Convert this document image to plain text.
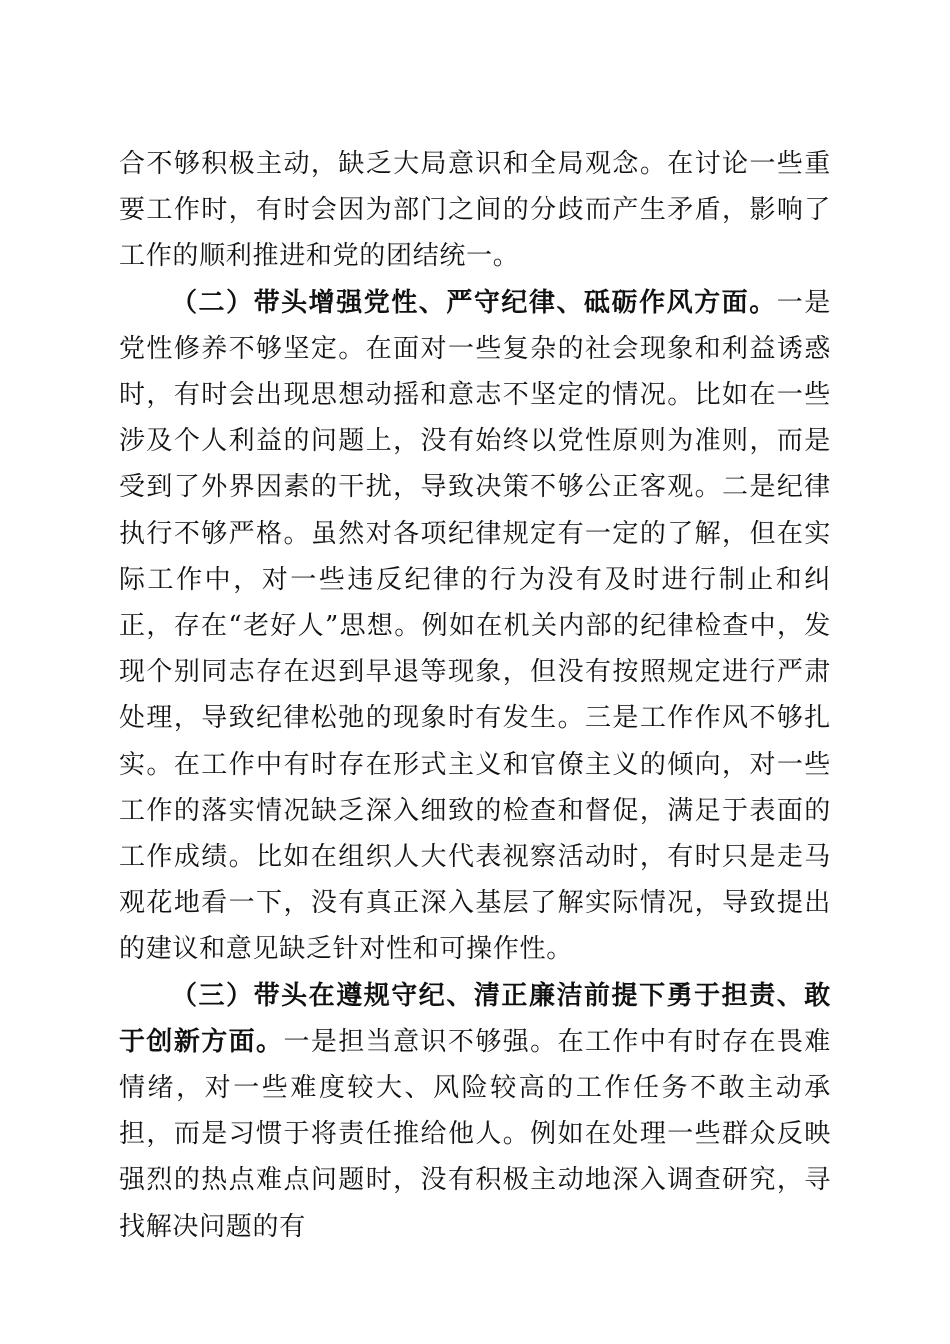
合不够积极主动，缺乏大局意识和全局观念。在讨论一些重要工作时，有时会因为部门之间的分歧而产生矛盾，影响了工作的顺利推进和党的团结统一。

（二）带头增强党性、严守纪律、砥砺作风方面。一是党性修养不够坚定。在面对一些复杂的社会现象和利益诱惑时，有时会出现思想动摇和意志不坚定的情况。比如在一些涉及个人利益的问题上，没有始终以党性原则为准则，而是受到了外界因素的干扰，导致决策不够公正客观。二是纪律执行不够严格。虽然对各项纪律规定有一定的了解，但在实际工作中，对一些违反纪律的行为没有及时进行制止和纠正，存在“老好人”思想。例如在机关内部的纪律检查中，发现个别同志存在迟到早退等现象，但没有按照规定进行严肃处理，导致纪律松弛的现象时有发生。三是工作作风不够扎实。在工作中有时存在形式主义和官僚主义的倾向，对一些工作的落实情况缺乏深入细致的检查和督促，满足于表面的工作成绩。比如在组织人大代表视察活动时，有时只是走马观花地看一下，没有真正深入基层了解实际情况，导致提出的建议和意见缺乏针对性和可操作性。

（三）带头在遵规守纪、清正廉洁前提下勇于担责、敢于创新方面。一是担当意识不够强。在工作中有时存在畏难情绪，对一些难度较大、风险较高的工作任务不敢主动承担，而是习惯于将责任推给他人。例如在处理一些群众反映强烈的热点难点问题时，没有积极主动地深入调查研究，寻找解决问题的有
